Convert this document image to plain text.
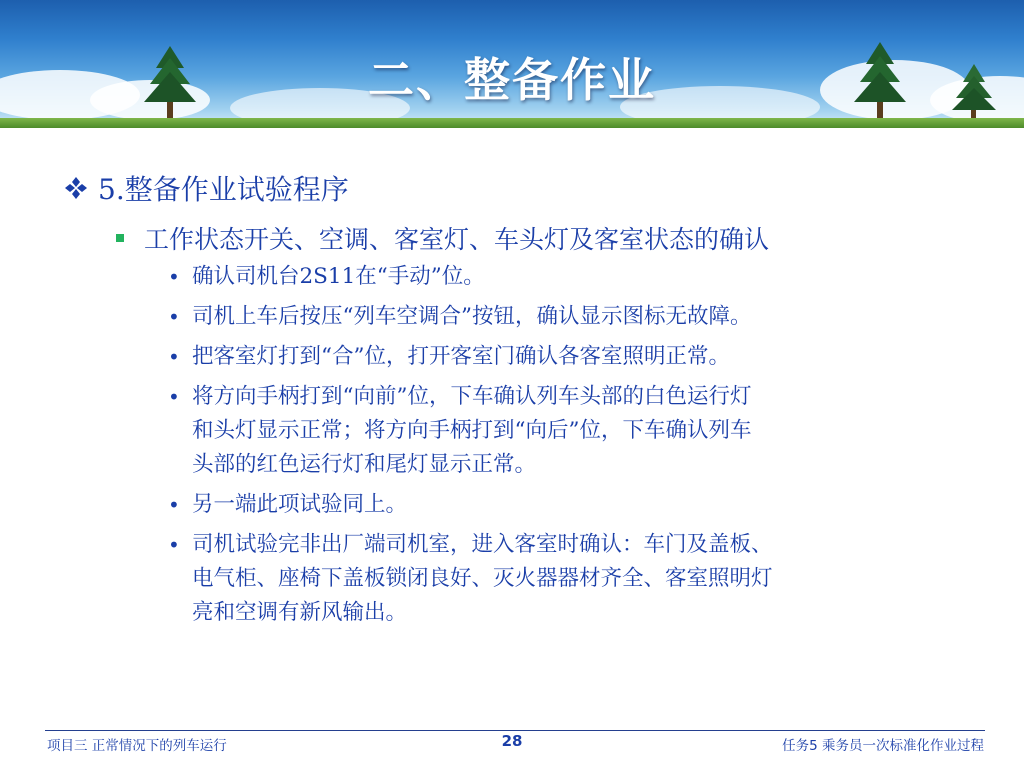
二、整备作业
5.整备作业试验程序
工作状态开关、空调、客室灯、车头灯及客室状态的确认
• 确认司机台2S11在“手动”位。
• 司机上车后按压“列车空调合”按钮，确认显示图标无故障。
• 把客室灯打到“合”位，打开客室门确认各客室照明正常。
• 将方向手柄打到“向前”位，下车确认列车头部的白色运行灯
和头灯显示正常；将方向手柄打到“向后”位，下车确认列车
头部的红色运行灯和尾灯显示正常。
• 另一端此项试验同上。
• 司机试验完非出厂端司机室，进入客室时确认：车门及盖板、
电气柜、座椅下盖板锁闭良好、灭火器器材齐全、客室照明灯
亮和空调有新风输出。
项目三 正常情况下的列车运行	28	任务5 乘务员一次标准化作业过程
